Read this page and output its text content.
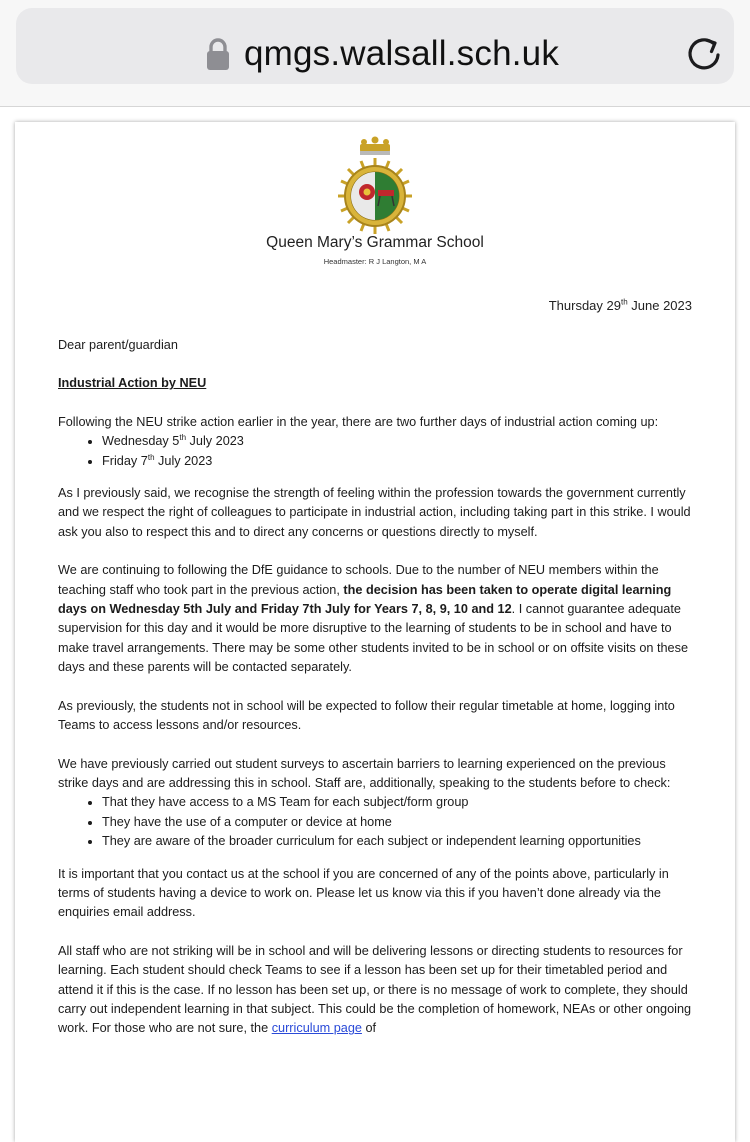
qmgs.walsall.sch.uk
Queen Mary’s Grammar School
Headmaster: R J Langton, M A
Thursday 29th June 2023

Dear parent/guardian

Industrial Action by NEU

Following the NEU strike action earlier in the year, there are two further days of industrial action coming up:

• Wednesday 5th July 2023
• Friday 7th July 2023

As I previously said, we recognise the strength of feeling within the profession towards the government currently and we respect the right of colleagues to participate in industrial action, including taking part in this strike. I would ask you also to respect this and to direct any concerns or questions directly to myself.

We are continuing to following the DfE guidance to schools. Due to the number of NEU members within the teaching staff who took part in the previous action, the decision has been taken to operate digital learning days on Wednesday 5th July and Friday 7th July for Years 7, 8, 9, 10 and 12. I cannot guarantee adequate supervision for this day and it would be more disruptive to the learning of students to be in school and have to make travel arrangements. There may be some other students invited to be in school or on offsite visits on these days and these parents will be contacted separately.

As previously, the students not in school will be expected to follow their regular timetable at home, logging into Teams to access lessons and/or resources.

We have previously carried out student surveys to ascertain barriers to learning experienced on the previous strike days and are addressing this in school. Staff are, additionally, speaking to the students before to check:

• That they have access to a MS Team for each subject/form group
• They have the use of a computer or device at home
• They are aware of the broader curriculum for each subject or independent learning opportunities

It is important that you contact us at the school if you are concerned of any of the points above, particularly in terms of students having a device to work on. Please let us know via this if you haven’t done already via the enquiries email address.

All staff who are not striking will be in school and will be delivering lessons or directing students to resources for learning. Each student should check Teams to see if a lesson has been set up for their timetabled period and attend it if this is the case. If no lesson has been set up, or there is no message of work to complete, they should carry out independent learning in that subject. This could be the completion of homework, NEAs or other ongoing work. For those who are not sure, the curriculum page of
